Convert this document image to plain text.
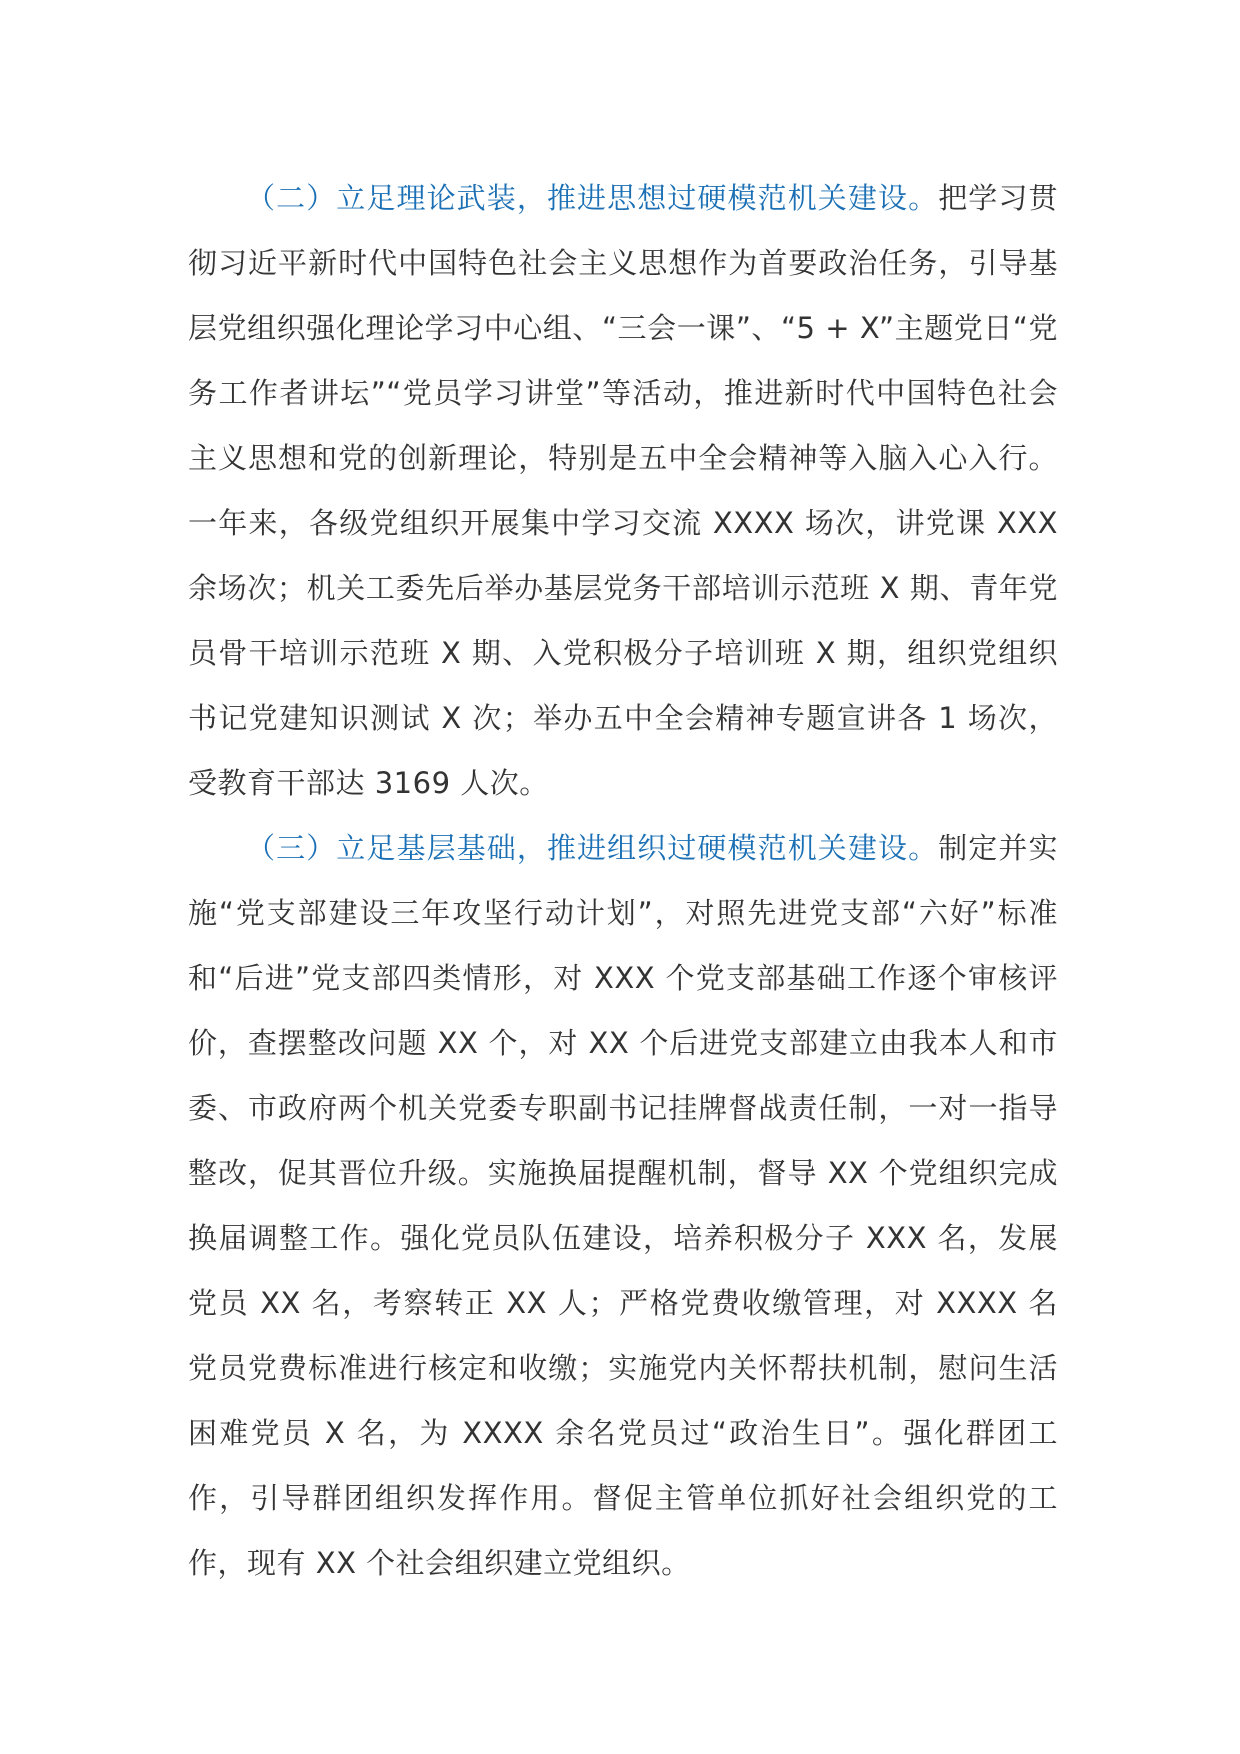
（二）立足理论武装，推进思想过硬模范机关建设。把学习贯彻习近平新时代中国特色社会主义思想作为首要政治任务，引导基层党组织强化理论学习中心组、“三会一课”、“5 + X”主题党日“党务工作者讲坛”“党员学习讲堂”等活动，推进新时代中国特色社会主义思想和党的创新理论，特别是五中全会精神等入脑入心入行。一年来，各级党组织开展集中学习交流 XXXX 场次，讲党课 XXX 余场次；机关工委先后举办基层党务干部培训示范班 X 期、青年党员骨干培训示范班 X 期、入党积极分子培训班 X 期，组织党组织书记党建知识测试 X 次；举办五中全会精神专题宣讲各 1 场次，受教育干部达 3169 人次。

（三）立足基层基础，推进组织过硬模范机关建设。制定并实施“党支部建设三年攻坚行动计划”，对照先进党支部“六好”标准和“后进”党支部四类情形，对 XXX 个党支部基础工作逐个审核评价，查摆整改问题 XX 个，对 XX 个后进党支部建立由我本人和市委、市政府两个机关党委专职副书记挂牌督战责任制，一对一指导整改，促其晋位升级。实施换届提醒机制，督导 XX 个党组织完成换届调整工作。强化党员队伍建设，培养积极分子 XXX 名，发展党员 XX 名，考察转正 XX 人；严格党费收缴管理，对 XXXX 名党员党费标准进行核定和收缴；实施党内关怀帮扶机制，慰问生活困难党员 X 名，为 XXXX 余名党员过“政治生日”。强化群团工作，引导群团组织发挥作用。督促主管单位抓好社会组织党的工作，现有 XX 个社会组织建立党组织。
